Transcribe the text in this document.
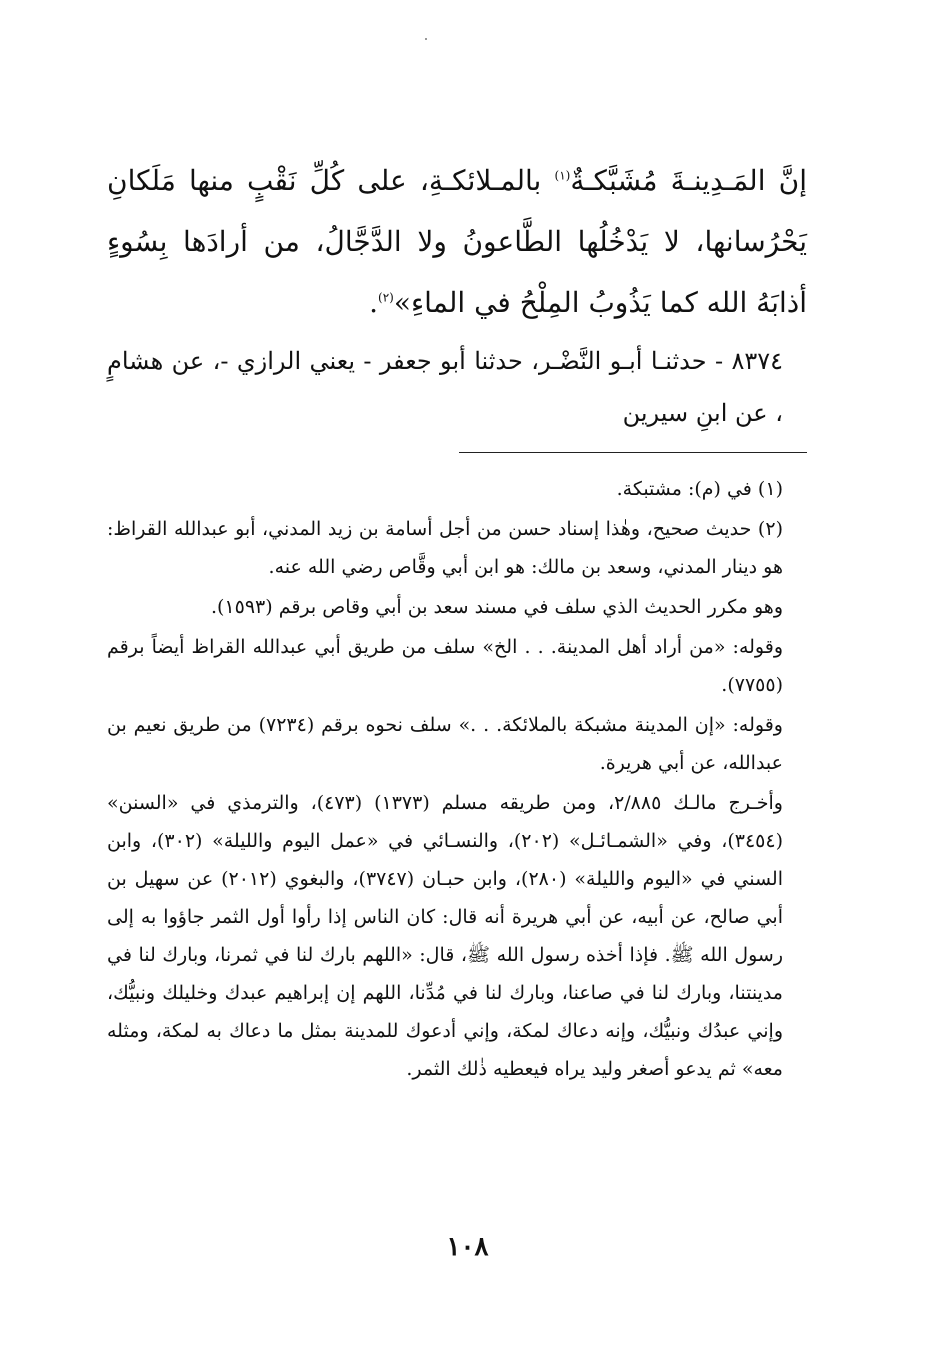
إنَّ المَـدِينـةَ مُشَبَّكـةٌ$^{(١)}$ بالمـلائكـةِ، على كُلِّ نَقْبٍ منها مَلَكانِ يَحْرُسانها، لا يَدْخُلُها الطَّاعونُ ولا الدَّجَّالُ، من أرادَها بِسُوءٍ أذابَهُ الله كما يَذُوبُ المِلْحُ في الماءِ»$^{(٢)}$.

٨٣٧٤ - حدثنـا أبـو النَّضْـر، حدثنا أبو جعفر - يعني الرازي -، عن هشامٍ ، عن ابنِ سيرين

(١) في (م): مشتبكة.

(٢) حديث صحيح، وهٰذا إسناد حسن من أجل أسامة بن زيد المدني، أبو عبدالله القراظ: هو دينار المدني، وسعد بن مالك: هو ابن أبي وقَّاص رضي الله عنه.

وهو مكرر الحديث الذي سلف في مسند سعد بن أبي وقاص برقم (١٥٩٣).

وقوله: «من أراد أهل المدينة. . . الخ» سلف من طريق أبي عبدالله القراظ أيضاً برقم (٧٧٥٥).

وقوله: «إن المدينة مشبكة بالملائكة. . .» سلف نحوه برقم (٧٢٣٤) من طريق نعيم بن عبدالله، عن أبي هريرة.

وأخـرج مالـك ٢/٨٨٥، ومن طريقه مسلم (١٣٧٣) (٤٧٣)، والترمذي في «السنن» (٣٤٥٤)، وفي «الشمـائـل» (٢٠٢)، والنسـائي في «عمل اليوم والليلة» (٣٠٢)، وابن السني في «اليوم والليلة» (٢٨٠)، وابن حبـان (٣٧٤٧)، والبغوي (٢٠١٢) عن سهيل بن أبي صالح، عن أبيه، عن أبي هريرة أنه قال: كان الناس إذا رأوا أول الثمر جاؤوا به إلى رسول الله ﷺ. فإذا أخذه رسول الله ﷺ، قال: «اللهم بارك لنا في ثمرنا، وبارك لنا في مدينتنا، وبارك لنا في صاعنا، وبارك لنا في مُدِّنا، اللهم إن إبراهيم عبدك وخليلك ونبيُّك، وإني عبدُك ونبيُّك، وإنه دعاك لمكة، وإني أدعوك للمدينة بمثل ما دعاك به لمكة، ومثله معه» ثم يدعو أصغر وليد يراه فيعطيه ذٰلك الثمر.

١٠٨
